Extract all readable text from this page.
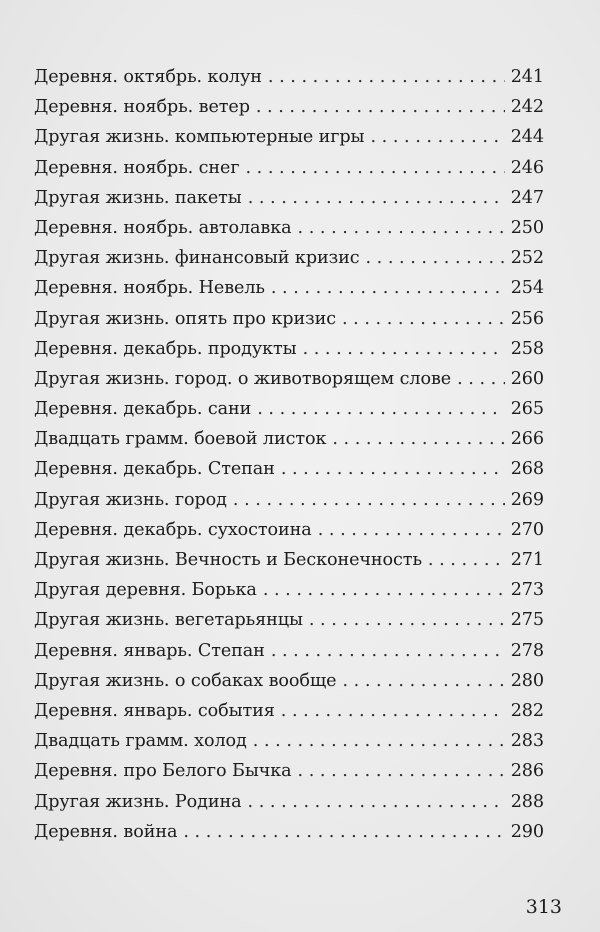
Деревня. октябрь. колун . . .	241
Деревня. ноябрь. ветер . . .	242
Другая жизнь. компьютерные игры . . .	244
Деревня. ноябрь. снег . . .	246
Другая жизнь. пакеты . . .	247
Деревня. ноябрь. автолавка . . .	250
Другая жизнь. финансовый кризис . . .	252
Деревня. ноябрь. Невель . . .	254
Другая жизнь. опять про кризис . . .	256
Деревня. декабрь. продукты . . .	258
Другая жизнь. город. о животворящем слове . . .	260
Деревня. декабрь. сани . . .	265
Двадцать грамм. боевой листок . . .	266
Деревня. декабрь. Степан . . .	268
Другая жизнь. город . . .	269
Деревня. декабрь. сухостоина . . .	270
Другая жизнь. Вечность и Бесконечность . . .	271
Другая деревня. Борька . . .	273
Другая жизнь. вегетарьянцы . . .	275
Деревня. январь. Степан . . .	278
Другая жизнь. о собаках вообще . . .	280
Деревня. январь. события . . .	282
Двадцать грамм. холод . . .	283
Деревня. про Белого Бычка . . .	286
Другая жизнь. Родина . . .	288
Деревня. война . . .	290
313
